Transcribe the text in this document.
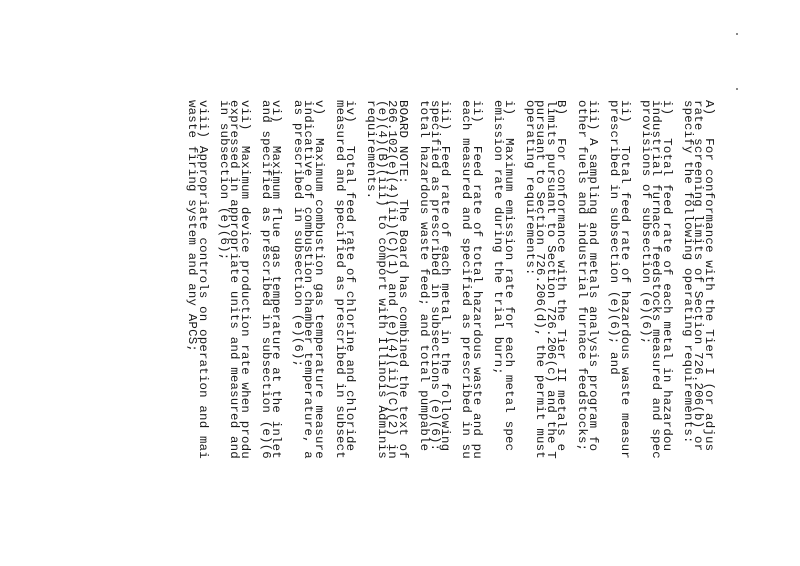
A)   For conformance with the Tier I (or adjus
rate screening limits of Section 726.206(b) or
specify the following operating requirements:
i)   Total feed rate of each metal in hazardou
industrial furnace feedstocks measured and spec
provisions of subsection (e)(6);
ii)   Total feed rate of hazardous waste measur
prescribed in subsection (e)(6); and
iii) A sampling and metals analysis program fo
other fuels and industrial furnace feedstocks;
B)   For conformance with the Tier II metals e
limits pursuant to Section 726.206(c) and the T
pursuant to Section 726.206(d), the permit must
operating requirements:
i)   Maximum emission rate for each metal spec
emission rate during the trial burn;
ii)   Feed rate of total hazardous waste and pu
each measured and specified as prescribed in su
iii)  Feed rate of each metal in the following
specified as prescribed in subsections (e)(6):
total hazardous waste feed; and total pumpable
BOARD NOTE:  The Board has combined the text of
266.102(e)(4)(ii)(C)(1) and (e)(4)(ii)(C)(2) in
(e)(4)(B)(iii) to comport with Illinois Adminis
requirements.
iv)   Total feed rate of chlorine and chloride
measured and specified as prescribed in subsect
v)   Maximum combustion gas temperature measure
indicative of combustion chamber temperature, a
as prescribed in subsection (e)(6);
vi)   Maximum flue gas temperature at the inlet
and specified as prescribed in subsection (e)(6
vii)  Maximum device production rate when produ
expressed in appropriate units and measured and
in subsection (e)(6);
viii) Appropriate controls on operation and mai
waste firing system and any APCS;
